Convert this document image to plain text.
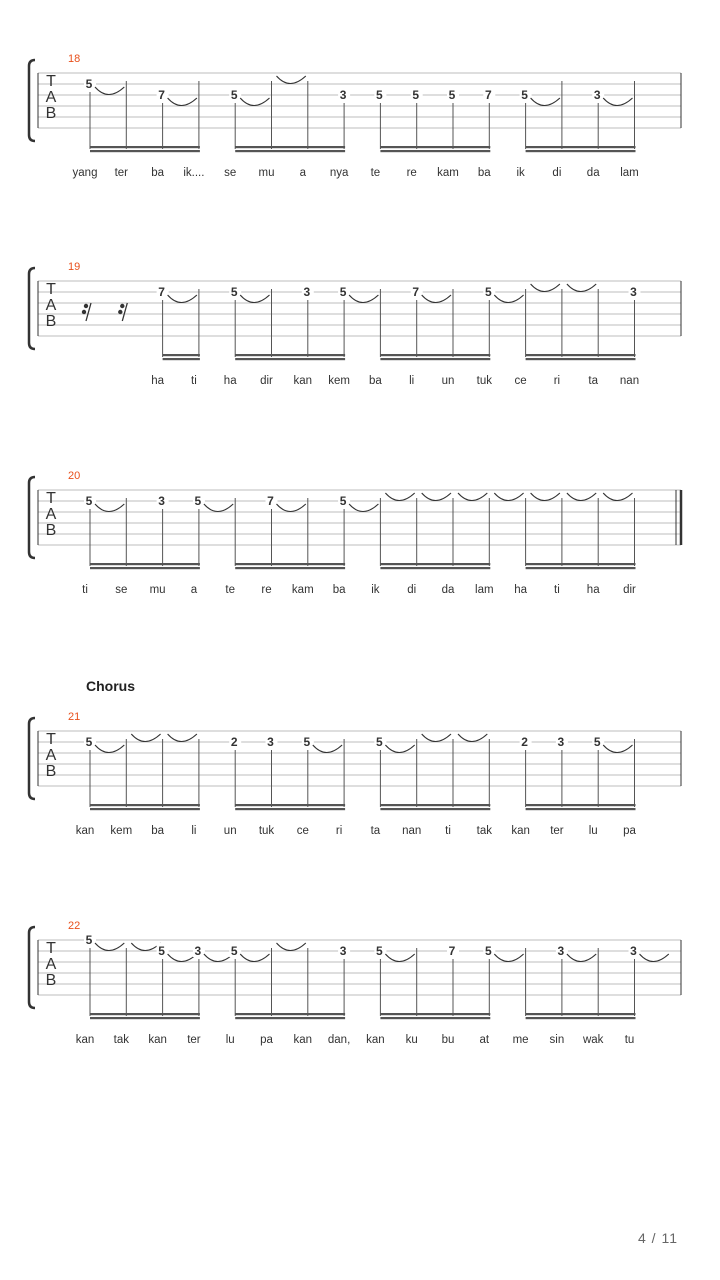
18
T
A
B
5
7	5	3 5 5 5 7 5	3
yang ter ba ik.... se mu a nya te re kam ba ik di da lam
19
T
A
B
7	5	3 5	7	5	3
ha ti ha dir kan kem ba li un tuk ce ri ta nan
20
T
A
B
5	3 5	7	5
ti se mu a te re kam ba ik di da lam ha ti ha dir
21
T
A
B
5	2 3 5	5	2 3 5
kan kem ba li un tuk ce ri ta nan ti tak kan ter lu pa
22
T
A
B
5
5 3 5	3 5	7 5	3	3
kan tak kan ter lu pa kan dan, kan ku bu at me sin wak tu
Chorus
4 / 11
